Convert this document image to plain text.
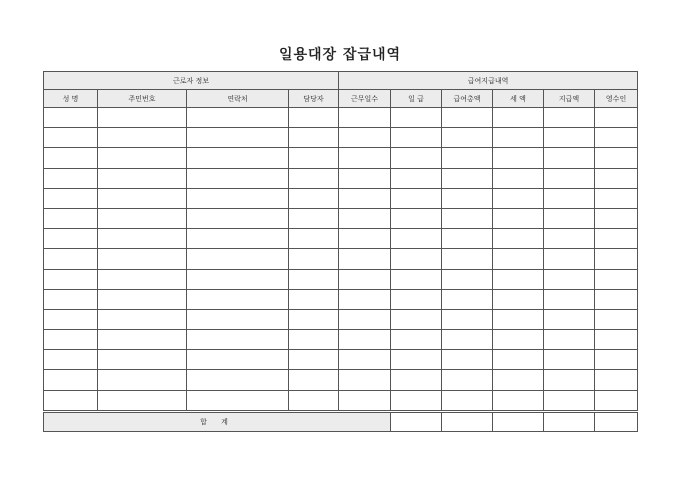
일용대장 잡급내역
근로자 정보				급여지급내역					
성 명	주민번호	연락처	담당자	근무일수	일 급	급여총액	세 액	지급액	영수인

합 계									
